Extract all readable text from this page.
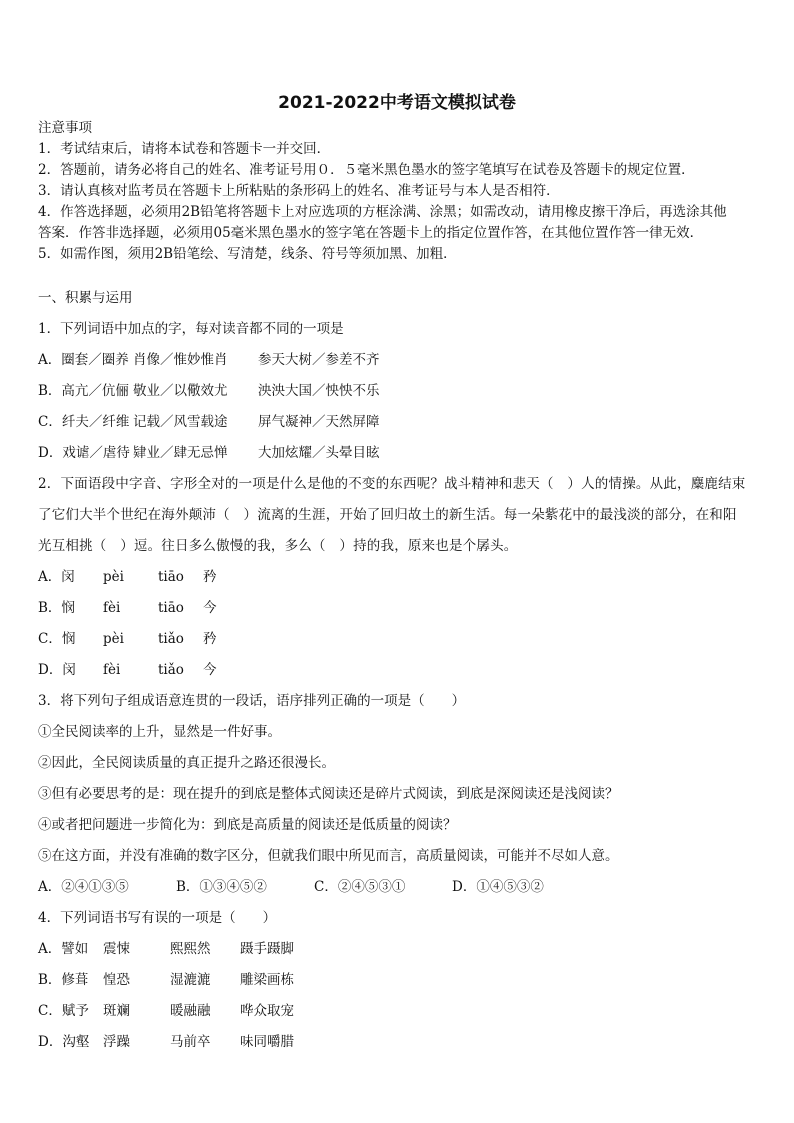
2021-2022中考语文模拟试卷

注意事项

1．考试结束后，请将本试卷和答题卡一并交回．

2．答题前，请务必将自己的姓名、准考证号用０．５毫米黑色墨水的签字笔填写在试卷及答题卡的规定位置．

3．请认真核对监考员在答题卡上所粘贴的条形码上的姓名、准考证号与本人是否相符．

4．作答选择题，必须用2B铅笔将答题卡上对应选项的方框涂满、涂黑；如需改动，请用橡皮擦干净后，再选涂其他

答案．作答非选择题，必须用05毫米黑色墨水的签字笔在答题卡上的指定位置作答，在其他位置作答一律无效．

5．如需作图，须用2B铅笔绘、写清楚，线条、符号等须加黑、加粗．

一、积累与运用

1．下列词语中加点的字，每对读音都不同的一项是

A．圈套／圈养 肖像／惟妙惟肖	参天大树／参差不齐
B．高亢／伉俪 敬业／以儆效尤	泱泱大国／怏怏不乐
C．纤夫／纤维 记载／风雪载途	屏气凝神／天然屏障
D．戏谑／虐待 肄业／肆无忌惮	大加炫耀／头晕目眩

2．下面语段中字音、字形全对的一项是什么是他的不变的东西呢？战斗精神和悲天（　）人的情操。从此，麋鹿结束

了它们大半个世纪在海外颠沛（　）流离的生涯，开始了回归故土的新生活。每一朵紫花中的最浅淡的部分，在和阳

光互相挑（　）逗。往日多么傲慢的我，多么（　）持的我，原来也是个孱头。

A．闵	pèi	tiāo	矜
B．悯	fèi	tiāo	今
C．悯	pèi	tiǎo	矜
D．闵	fèi	tiǎo	今

3．将下列句子组成语意连贯的一段话，语序排列正确的一项是（　　）

①全民阅读率的上升，显然是一件好事。

②因此，全民阅读质量的真正提升之路还很漫长。

③但有必要思考的是：现在提升的到底是整体式阅读还是碎片式阅读，到底是深阅读还是浅阅读？

④或者把问题进一步简化为：到底是高质量的阅读还是低质量的阅读？

⑤在这方面，并没有准确的数字区分，但就我们眼中所见而言，高质量阅读，可能并不尽如人意。

A．②④①③⑤	B．①③④⑤②	C．②④⑤③①	D．①④⑤③②

4．下列词语书写有误的一项是（　　）

A．譬如	震悚	熙熙然	蹑手蹑脚
B．修葺	惶恐	湿漉漉	雕梁画栋
C．赋予	斑斓	暖融融	哗众取宠
D．沟壑	浮躁	马前卒	味同嚼腊
